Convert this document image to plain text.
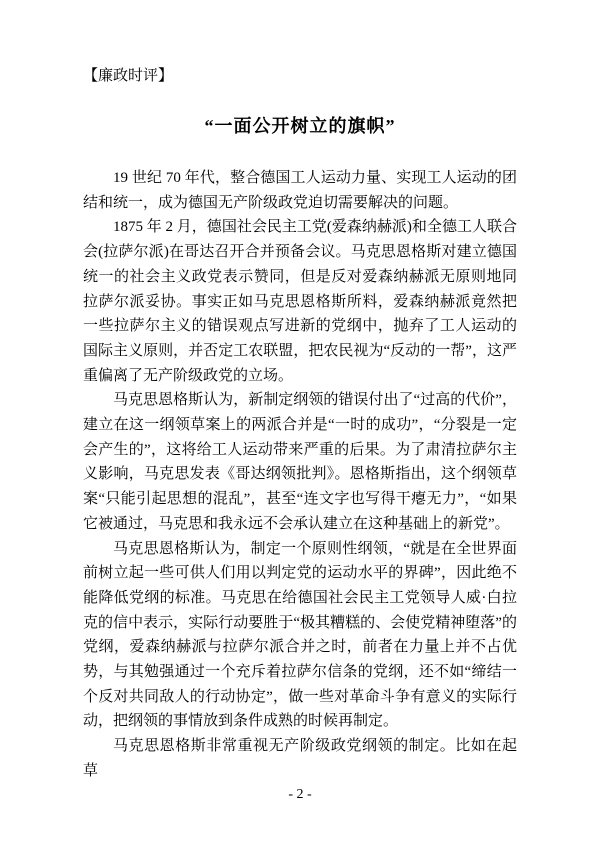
【廉政时评】
“一面公开树立的旗帜”

19 世纪 70 年代，整合德国工人运动力量、实现工人运动的团结和统一，成为德国无产阶级政党迫切需要解决的问题。

1875 年 2 月，德国社会民主工党(爱森纳赫派)和全德工人联合会(拉萨尔派)在哥达召开合并预备会议。马克思恩格斯对建立德国统一的社会主义政党表示赞同，但是反对爱森纳赫派无原则地同拉萨尔派妥协。事实正如马克思恩格斯所料，爱森纳赫派竟然把一些拉萨尔主义的错误观点写进新的党纲中，抛弃了工人运动的国际主义原则，并否定工农联盟，把农民视为“反动的一帮”，这严重偏离了无产阶级政党的立场。

马克思恩格斯认为，新制定纲领的错误付出了“过高的代价”，建立在这一纲领草案上的两派合并是“一时的成功”，“分裂是一定会产生的”，这将给工人运动带来严重的后果。为了肃清拉萨尔主义影响，马克思发表《哥达纲领批判》。恩格斯指出，这个纲领草案“只能引起思想的混乱”，甚至“连文字也写得干瘪无力”，“如果它被通过，马克思和我永远不会承认建立在这种基础上的新党”。

马克思恩格斯认为，制定一个原则性纲领，“就是在全世界面前树立起一些可供人们用以判定党的运动水平的界碑”，因此绝不能降低党纲的标准。马克思在给德国社会民主工党领导人威·白拉克的信中表示，实际行动要胜于“极其糟糕的、会使党精神堕落”的党纲，爱森纳赫派与拉萨尔派合并之时，前者在力量上并不占优势，与其勉强通过一个充斥着拉萨尔信条的党纲，还不如“缔结一个反对共同敌人的行动协定”，做一些对革命斗争有意义的实际行动，把纲领的事情放到条件成熟的时候再制定。

马克思恩格斯非常重视无产阶级政党纲领的制定。比如在起草

- 2 -
